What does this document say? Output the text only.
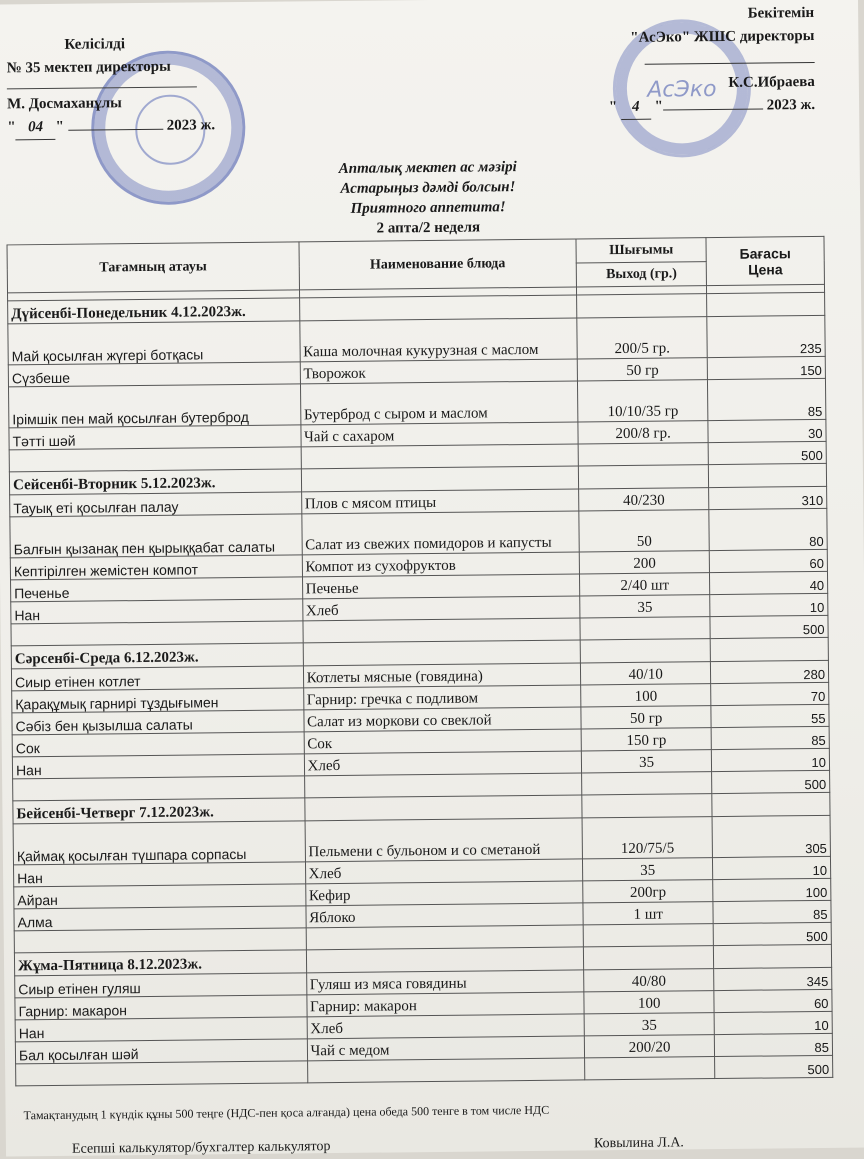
АсЭко
Келісілді
№ 35 мектеп директоры
М. Досмаханұлы
" 04 "	2023 ж.
Бекітемін
"АсЭко" ЖШС директоры
К.С.Ибраева
" 4 "	2023 ж.
Апталық мектеп ас мәзірі
Астарыңыз дәмді болсын!
Приятного аппетита!
2 апта/2 неделя
Тағамның атауы	Наименование блюда	Шығымы	Бағасы
Цена

		Выход (гр.)	

Дүйсенбі-Понедельник 4.12.2023ж.			
Май қосылған жүгері ботқасы	Каша молочная кукурузная с маслом	200/5 гр.	235
Сүзбеше	Творожок	50 гр	150
Ірімшік пен май қосылған бутерброд	Бутерброд с сыром и маслом	10/10/35 гр	85
Тәтті шәй	Чай с сахаром	200/8 гр.	30
			500
Сейсенбі-Вторник 5.12.2023ж.			
Тауық еті қосылған палау	Плов с мясом птицы	40/230	310
Балғын қызанақ пен қырыққабат салаты	Салат из свежих помидоров и капусты	50	80
Кептірілген жемістен компот	Компот из сухофруктов	200	60
Печенье	Печенье	2/40 шт	40
Нан	Хлеб	35	10
			500
Сәрсенбі-Среда 6.12.2023ж.			
Сиыр етінен котлет	Котлеты мясные (говядина)	40/10	280
Қарақұмық гарнирі тұздығымен	Гарнир: гречка с подливом	100	70
Сәбіз бен қызылша салаты	Салат из моркови со свеклой	50 гр	55
Сок	Сок	150 гр	85
Нан	Хлеб	35	10
			500
Бейсенбі-Четверг 7.12.2023ж.			
Қаймақ қосылған түшпара сорпасы	Пельмени с бульоном и со сметаной	120/75/5	305
Нан	Хлеб	35	10
Айран	Кефир	200гр	100
Алма	Яблоко	1 шт	85
			500
Жұма-Пятница 8.12.2023ж.			
Сиыр етінен гуляш	Гуляш из мяса говядины	40/80	345
Гарнир: макарон	Гарнир: макарон	100	60
Нан	Хлеб	35	10
Бал қосылған шәй	Чай с медом	200/20	85
			500
Тамақтанудың 1 күндік құны 500 теңге (НДС-пен қоса алғанда) цена обеда 500 тенге в том числе НДС
Есепші калькулятор/бухгалтер калькулятор	Ковылина Л.А.
